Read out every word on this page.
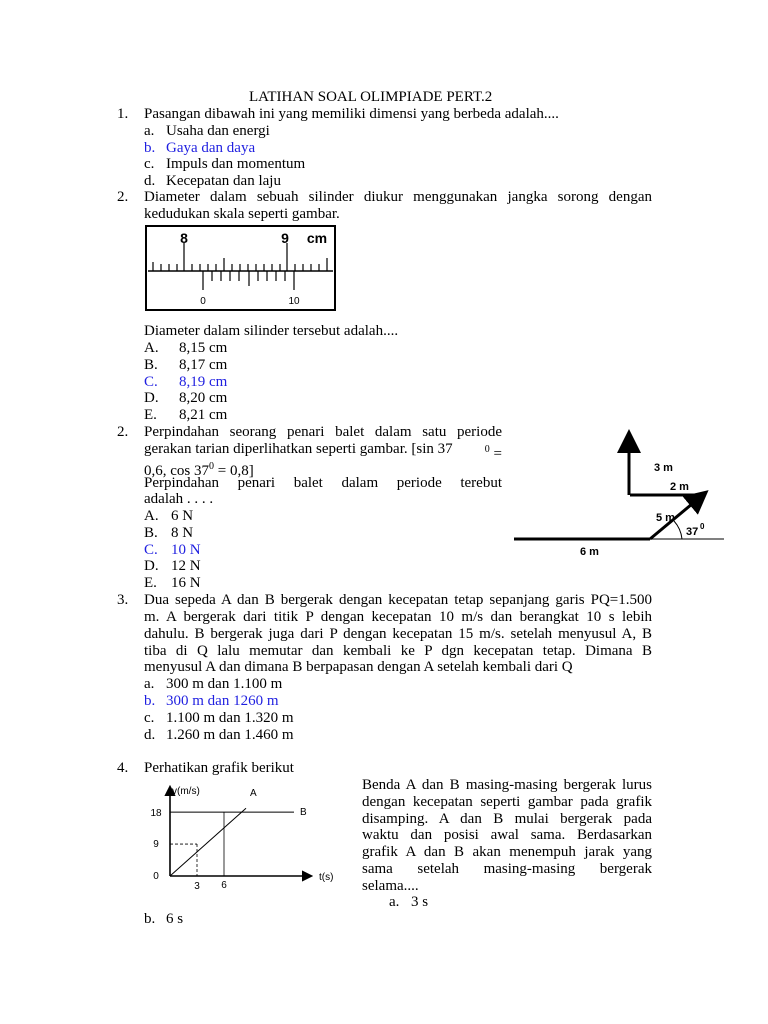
LATIHAN SOAL OLIMPIADE PERT.2
1. Pasangan dibawah ini yang memiliki dimensi yang berbeda adalah....
a. Usaha dan energi
b. Gaya dan daya
c. Impuls dan momentum
d. Kecepatan dan laju
2. Diameter dalam sebuah silinder diukur menggunakan jangka sorong dengan
kedudukan skala seperti gambar.
8	9 cm
0	10
Diameter dalam silinder tersebut adalah....
A. 8,15 cm
B. 8,17 cm
C. 8,19 cm
D. 8,20 cm
E. 8,21 cm
2. Perpindahan seorang penari balet dalam satu periode
gerakan tarian diperlihatkan seperti gambar. [sin 37	$^0$ =
0,6, $\cos 37^0 = 0,8$]
Perpindahan penari balet dalam periode terebut
adalah . . . .
A. 6 N
B. 8 N
C. 10 N
D. 12 N
E. 16 N
3 m
2 m
5 m
6 m
37 0
3. Dua sepeda A dan B bergerak dengan kecepatan tetap sepanjang garis PQ=1.500
m. A bergerak dari titik P dengan kecepatan 10 m/s dan berangkat 10 s lebih
dahulu. B bergerak juga dari P dengan kecepatan 15 m/s. setelah menyusul A, B
tiba di Q lalu memutar dan kembali ke P dgn kecepatan tetap. Dimana B
menyusul A dan dimana B berpapasan dengan A setelah kembali dari Q
a. 300 m dan 1.100 m
b. 300 m dan 1260 m
c. 1.100 m dan 1.320 m
d. 1.260 m dan 1.460 m
4. Perhatikan grafik berikut
v(m/s)
t(s)
A
B
0
9
18
3 6
Benda A dan B masing-masing bergerak lurus
dengan kecepatan seperti gambar pada grafik
disamping. A dan B mulai bergerak pada
waktu dan posisi awal sama. Berdasarkan
grafik A dan B akan menempuh jarak yang
sama setelah masing-masing bergerak
selama....
a. 3 s
b. 6 s
